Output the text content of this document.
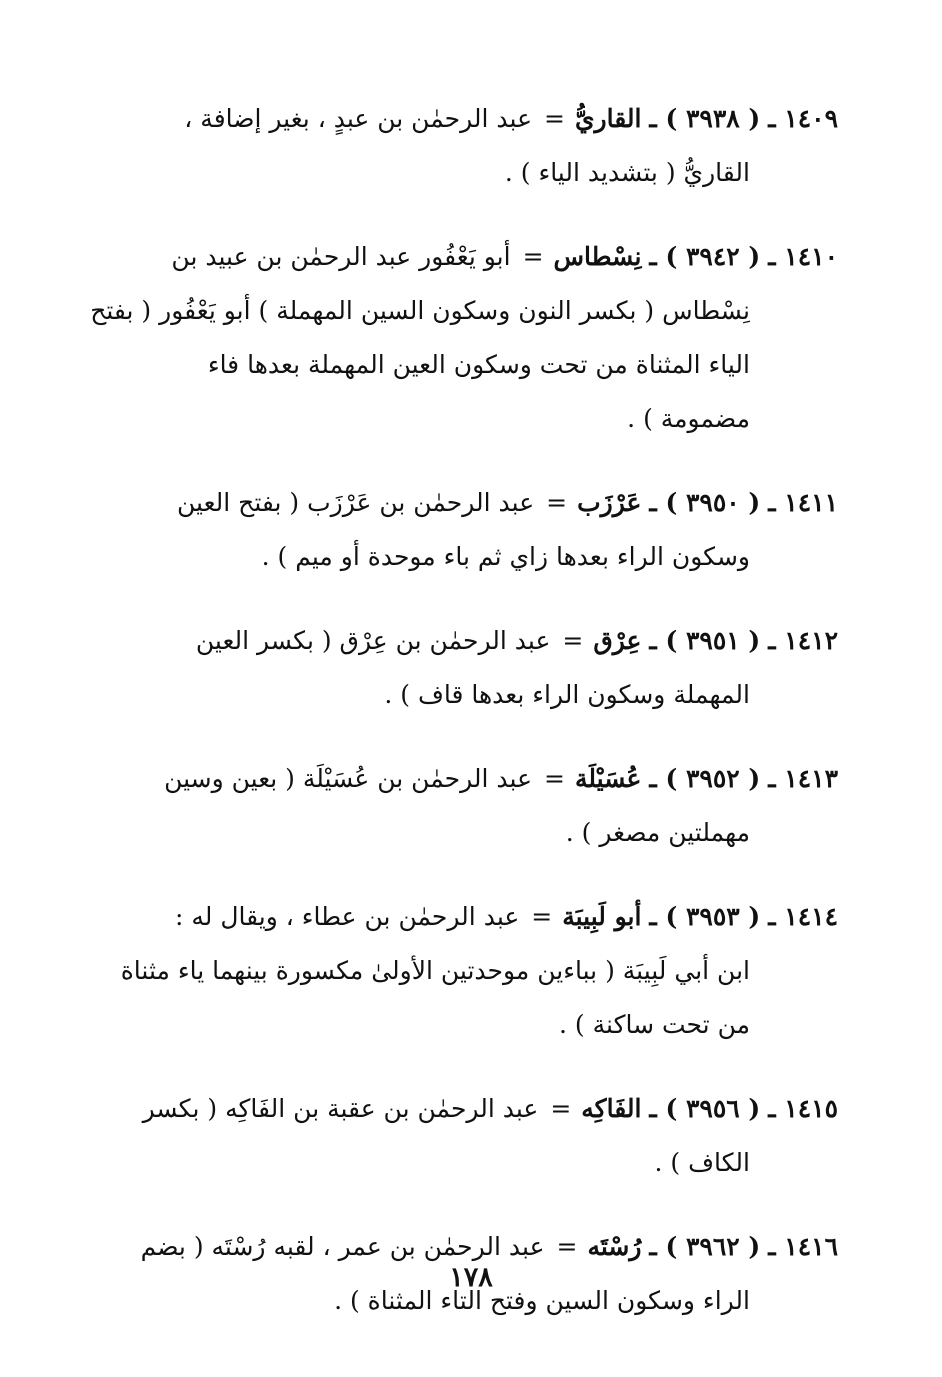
١٤٠٩ ـ
( ٣٩٣٨ ) ـ
القاريُّ
=
عبد الرحمٰن بن عبدٍ ، بغير إضافة ،
القاريُّ ( بتشديد الياء ) .
١٤١٠ ـ
( ٣٩٤٢ ) ـ
نِسْطاس
=
أبو يَعْفُور عبد الرحمٰن بن عبيد بن
نِسْطاس ( بكسر النون وسكون السين المهملة ) أبو يَعْفُور ( بفتح
الياء المثناة من تحت وسكون العين المهملة بعدها فاء
مضمومة ) .
١٤١١ ـ
( ٣٩٥٠ ) ـ
عَرْزَب
=
عبد الرحمٰن بن عَرْزَب ( بفتح العين
وسكون الراء بعدها زاي ثم باء موحدة أو ميم ) .
١٤١٢ ـ
( ٣٩٥١ ) ـ
عِرْق
=
عبد الرحمٰن بن عِرْق ( بكسر العين
المهملة وسكون الراء بعدها قاف ) .
١٤١٣ ـ
( ٣٩٥٢ ) ـ
عُسَيْلَة
=
عبد الرحمٰن بن عُسَيْلَة ( بعين وسين
مهملتين مصغر ) .
١٤١٤ ـ
( ٣٩٥٣ ) ـ
أبو لَبِيبَة
=
عبد الرحمٰن بن عطاء ، ويقال له :
ابن أبي لَبِيبَة ( بباءين موحدتين الأولىٰ مكسورة بينهما ياء مثناة
من تحت ساكنة ) .
١٤١٥ ـ
( ٣٩٥٦ ) ـ
الفَاكِه
=
عبد الرحمٰن بن عقبة بن الفَاكِه ( بكسر
الكاف ) .
١٤١٦ ـ
( ٣٩٦٢ ) ـ
رُسْتَه
=
عبد الرحمٰن بن عمر ، لقبه رُسْتَه ( بضم
الراء وسكون السين وفتح التاء المثناة ) .
١٧٨
